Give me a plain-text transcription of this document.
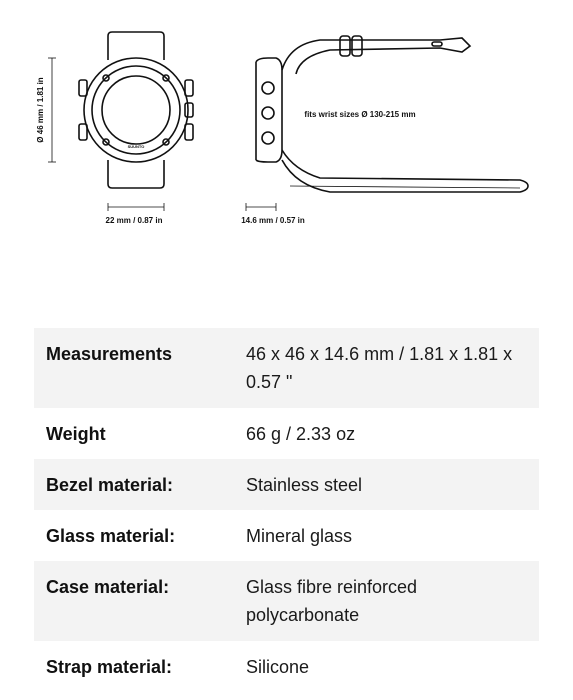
SUUNTO
Ø 46 mm / 1.81 in
22 mm / 0.87 in
fits wrist sizes Ø 130-215 mm
14.6 mm / 0.57 in
Measurements	46 x 46 x 14.6 mm / 1.81 x 1.81 x 0.57 "
Weight	66 g / 2.33 oz
Bezel material:	Stainless steel
Glass material:	Mineral glass
Case material:	Glass fibre reinforced polycarbonate
Strap material:	Silicone
